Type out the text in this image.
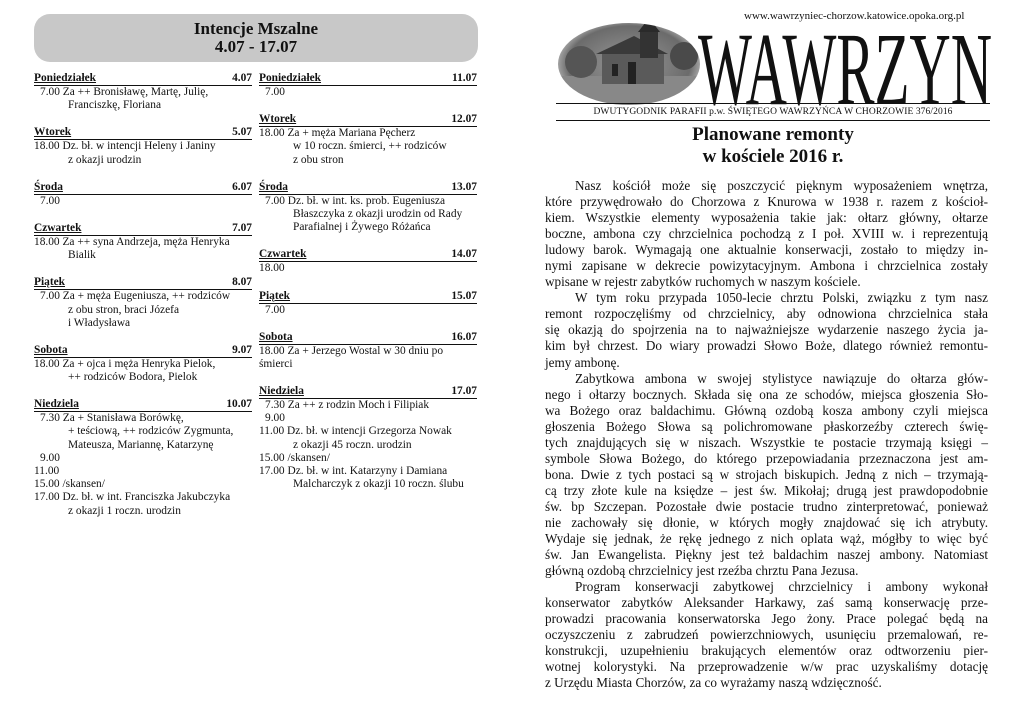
Intencje Mszalne
4.07 - 17.07
Poniedziałek	4.07
7.00 Za ++ Bronisławę, Martę, Julię,
Franciszkę, Floriana
Wtorek	5.07
18.00 Dz. bł. w intencji Heleny i Janiny
z okazji urodzin
Środa	6.07
7.00
Czwartek	7.07
18.00 Za ++ syna Andrzeja, męża Henryka
Bialik
Piątek	8.07
7.00 Za + męża Eugeniusza, ++ rodziców
z obu stron, braci Józefa
i Władysława
Sobota	9.07
18.00 Za + ojca i męża Henryka Pielok,
++ rodziców Bodora, Pielok
Niedziela	10.07
7.30 Za + Stanisława Borówkę,
+ teściową, ++ rodziców Zygmunta,
Mateusza, Mariannę, Katarzynę
9.00
11.00
15.00 /skansen/
17.00 Dz. bł. w int. Franciszka Jakubczyka
z okazji 1 roczn. urodzin
Poniedziałek	11.07
7.00
Wtorek	12.07
18.00 Za + męża Mariana Pęcherz
w 10 roczn. śmierci, ++ rodziców
z obu stron
Środa	13.07
7.00 Dz. bł. w int. ks. prob. Eugeniusza
Błaszczyka z okazji urodzin od Rady
Parafialnej i Żywego Różańca
Czwartek	14.07
18.00
Piątek	15.07
7.00
Sobota	16.07
18.00 Za + Jerzego Wostal w 30 dniu po
śmierci
Niedziela	17.07
7.30 Za ++ z rodzin Moch i Filipiak
9.00
11.00 Dz. bł. w intencji Grzegorza Nowak
z okazji 45 roczn. urodzin
15.00 /skansen/
17.00 Dz. bł. w int. Katarzyny i Damiana
Malcharczyk z okazji 10 roczn. ślubu
www.wawrzyniec-chorzow.katowice.opoka.org.pl
WAWRZYN
DWUTYGODNIK PARAFII p.w. ŚWIĘTEGO WAWRZYŃCA W CHORZOWIE 376/2016
Planowane remonty
w kościele 2016 r.
Nasz kościół może się poszczycić pięknym wyposażeniem wnętrza,
które przywędrowało do Chorzowa z Knurowa w 1938 r. razem z kościoł-
kiem. Wszystkie elementy wyposażenia takie jak: ołtarz główny, ołtarze
boczne, ambona czy chrzcielnica pochodzą z I poł. XVIII w. i reprezentują
ludowy barok. Wymagają one aktualnie konserwacji, zostało to między in-
nymi zapisane w dekrecie powizytacyjnym. Ambona i chrzcielnica zostały
wpisane w rejestr zabytków ruchomych w naszym kościele.
W tym roku przypada 1050-lecie chrztu Polski, związku z tym nasz
remont rozpoczęliśmy od chrzcielnicy, aby odnowiona chrzcielnica stała
się okazją do spojrzenia na to najważniejsze wydarzenie naszego życia ja-
kim był chrzest. Do wiary prowadzi Słowo Boże, dlatego również remontu-
jemy ambonę.
Zabytkowa ambona w swojej stylistyce nawiązuje do ołtarza głów-
nego i ołtarzy bocznych. Składa się ona ze schodów, miejsca głoszenia Sło-
wa Bożego oraz baldachimu. Główną ozdobą kosza ambony czyli miejsca
głoszenia Bożego Słowa są polichromowane płaskorzeźby czterech świę-
tych znajdujących się w niszach. Wszystkie te postacie trzymają księgi –
symbole Słowa Bożego, do którego przepowiadania przeznaczona jest am-
bona. Dwie z tych postaci są w strojach biskupich. Jedną z nich – trzymają-
cą trzy złote kule na księdze – jest św. Mikołaj; drugą jest prawdopodobnie
św. bp Szczepan. Pozostałe dwie postacie trudno zinterpretować, ponieważ
nie zachowały się dłonie, w których mogły znajdować się ich atrybuty.
Wydaje się jednak, że rękę jednego z nich oplata wąż, mógłby to więc być
św. Jan Ewangelista. Piękny jest też baldachim naszej ambony. Natomiast
główną ozdobą chrzcielnicy jest rzeźba chrztu Pana Jezusa.
Program konserwacji zabytkowej chrzcielnicy i ambony wykonał
konserwator zabytków Aleksander Harkawy, zaś samą konserwację prze-
prowadzi pracowania konserwatorska Jego żony. Prace polegać będą na
oczyszczeniu z zabrudzeń powierzchniowych, usunięciu przemalowań, re-
konstrukcji, uzupełnieniu brakujących elementów oraz odtworzeniu pier-
wotnej kolorystyki. Na przeprowadzenie w/w prac uzyskaliśmy dotację
z Urzędu Miasta Chorzów, za co wyrażamy naszą wdzięczność.
